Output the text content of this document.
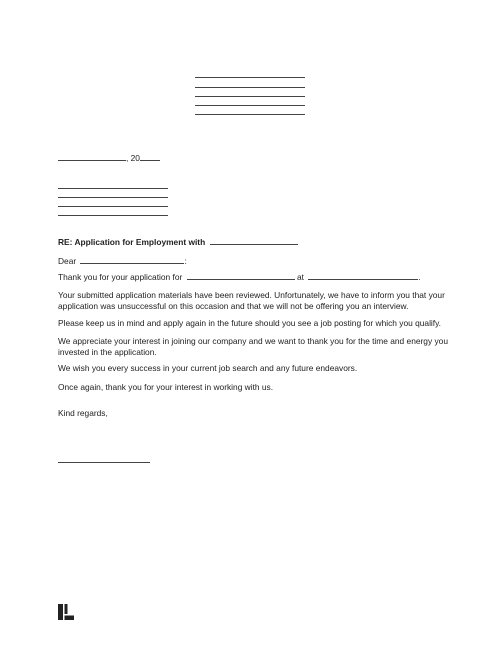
, 20
RE: Application for Employment with
Dear	:
Thank you for your application for	at	.
Your submitted application materials have been reviewed. Unfortunately, we have to inform you that your application was unsuccessful on this occasion and that we will not be offering you an interview.
Please keep us in mind and apply again in the future should you see a job posting for which you qualify.
We appreciate your interest in joining our company and we want to thank you for the time and energy you invested in the application.
We wish you every success in your current job search and any future endeavors.
Once again, thank you for your interest in working with us.
Kind regards,
